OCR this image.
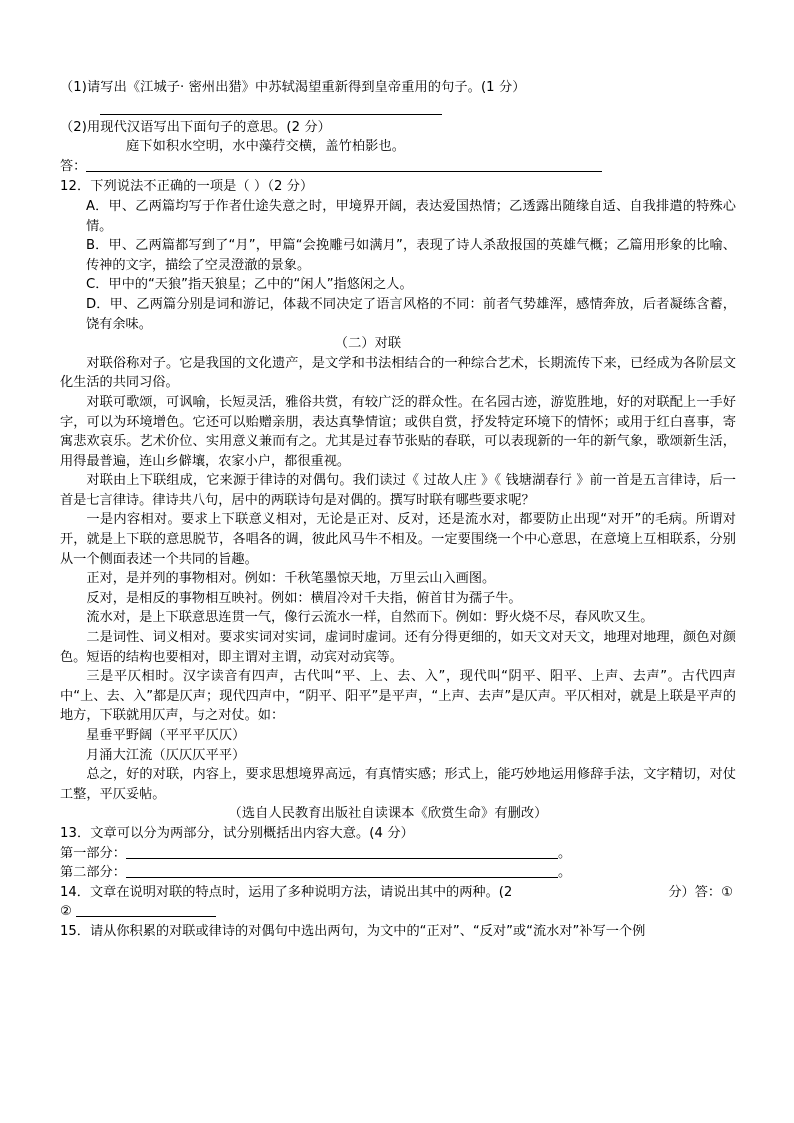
（1)请写出《江城子· 密州出猎》中苏轼渴望重新得到皇帝重用的句子。(1 分）
（2)用现代汉语写出下面句子的意思。(2 分）
庭下如积水空明，水中藻荇交横，盖竹柏影也。
答：
12．下列说法不正确的一项是（ ）（2 分）

A．甲、乙两篇均写于作者仕途失意之时，甲境界开阔，表达爱国热情；乙透露出随缘自适、自我排遣的特殊心情。

B．甲、乙两篇都写到了“月”，甲篇“会挽雕弓如满月”，表现了诗人杀敌报国的英雄气概；乙篇用形象的比喻、传神的文字，描绘了空灵澄澈的景象。

C．甲中的“天狼”指天狼星；乙中的“闲人”指悠闲之人。

D．甲、乙两篇分别是词和游记，体裁不同决定了语言风格的不同：前者气势雄浑，感情奔放，后者凝练含蓄，饶有余味。

（二）对联

对联俗称对子。它是我国的文化遗产，是文学和书法相结合的一种综合艺术，长期流传下来，已经成为各阶层文化生活的共同习俗。

对联可歌颂，可讽喻，长短灵活，雅俗共赏，有较广泛的群众性。在名园古迹，游览胜地，好的对联配上一手好字，可以为环境增色。它还可以贻赠亲朋，表达真挚情谊；或供自赏，抒发特定环境下的情怀；或用于红白喜事，寄寓悲欢哀乐。艺术价位、实用意义兼而有之。尤其是过春节张贴的春联，可以表现新的一年的新气象，歌颂新生活，用得最普遍，连山乡僻壤，农家小户，都很重视。

对联由上下联组成，它来源于律诗的对偶句。我们读过《 过故人庄 》《 钱塘湖春行 》前一首是五言律诗，后一首是七言律诗。律诗共八句，居中的两联诗句是对偶的。撰写时联有哪些要求呢？

一是内容相对。要求上下联意义相对，无论是正对、反对，还是流水对，都要防止出现“对开”的毛病。所谓对开，就是上下联的意思脱节，各唱各的调，彼此风马牛不相及。一定要围绕一个中心意思，在意境上互相联系，分别从一个侧面表述一个共同的旨趣。

正对，是并列的事物相对。例如：千秋笔墨惊天地，万里云山入画图。

反对，是相反的事物相互映衬。例如：横眉冷对千夫指，俯首甘为孺子牛。

流水对，是上下联意思连贯一气，像行云流水一样，自然而下。例如：野火烧不尽，春风吹又生。

二是词性、词义相对。要求实词对实词，虚词时虚词。还有分得更细的，如天文对天文，地理对地理，颜色对颜色。短语的结构也要相对，即主谓对主谓，动宾对动宾等。

三是平仄相时。汉字读音有四声，古代叫“平、上、去、入”，现代叫“阴平、阳平、上声、去声”。古代四声中“上、去、入”都是仄声；现代四声中，“阴平、阳平”是平声，“上声、去声”是仄声。平仄相对，就是上联是平声的地方，下联就用仄声，与之对仗。如：

星垂平野阔（平平平仄仄）
月涌大江流（仄仄仄平平）

总之，好的对联，内容上，要求思想境界高远，有真情实感；形式上，能巧妙地运用修辞手法，文字精切，对仗工整，平仄妥帖。

（选自人民教育出版社自读课本《欣赏生命》有删改）
13．文章可以分为两部分，试分别概括出内容大意。(4 分）
第一部分：	。
第二部分：	。
14．文章在说明对联的特点时，运用了多种说明方法，请说出其中的两种。(2	分）答：①
②

15．请从你积累的对联或律诗的对偶句中选出两句，为文中的“正对”、“反对”或“流水对”补写一个例
